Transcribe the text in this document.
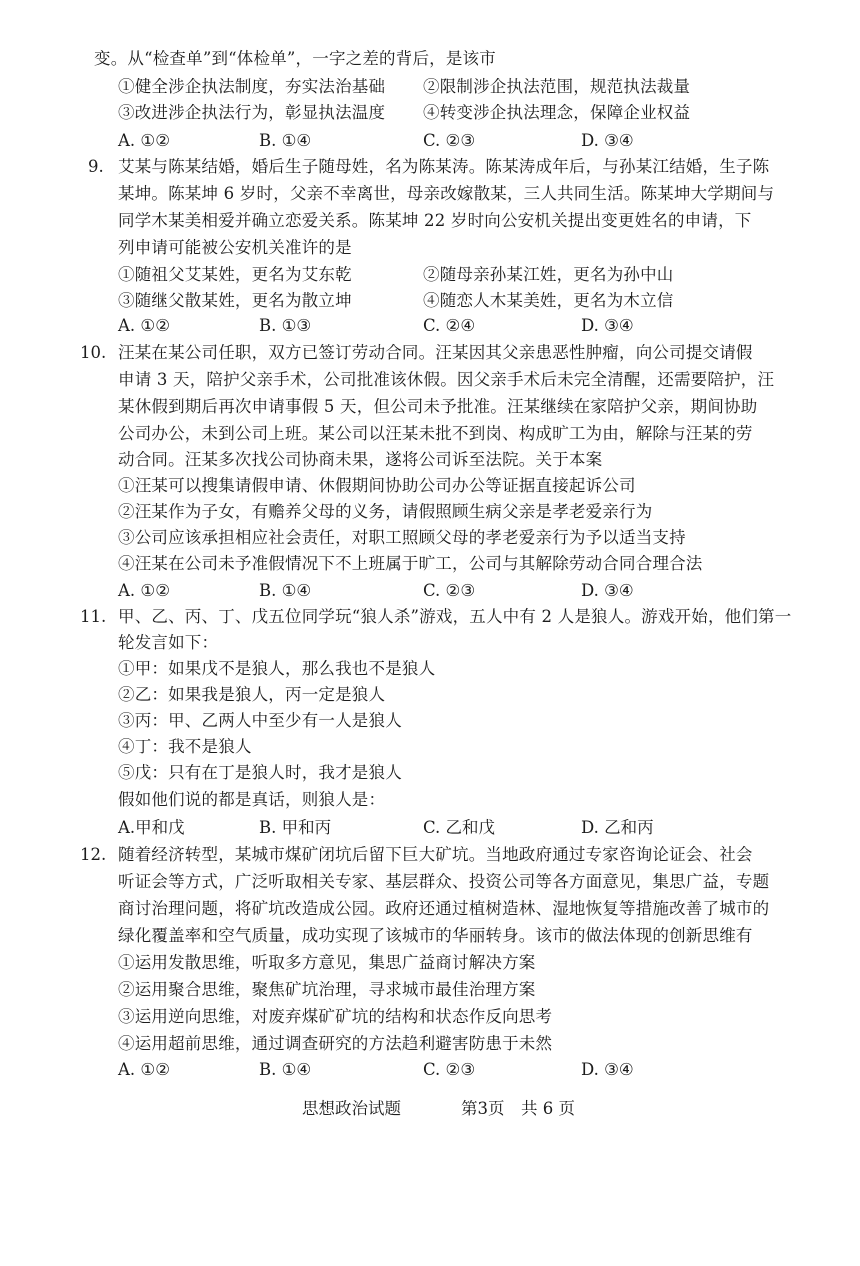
变。从“检查单”到“体检单”，一字之差的背后，是该市
①健全涉企执法制度，夯实法治基础 ②限制涉企执法范围，规范执法裁量
③改进涉企执法行为，彰显执法温度 ④转变涉企执法理念，保障企业权益
A. ①②	B. ①④	C. ②③	D. ③④
9. 艾某与陈某结婚，婚后生子随母姓，名为陈某涛。陈某涛成年后，与孙某江结婚，生子陈
某坤。陈某坤 6 岁时，父亲不幸离世，母亲改嫁散某，三人共同生活。陈某坤大学期间与
同学木某美相爱并确立恋爱关系。陈某坤 22 岁时向公安机关提出变更姓名的申请，下
列申请可能被公安机关准许的是
①随祖父艾某姓，更名为艾东乾	②随母亲孙某江姓，更名为孙中山
③随继父散某姓，更名为散立坤	④随恋人木某美姓，更名为木立信
A. ①②	B. ①③	C. ②④	D. ③④
10. 汪某在某公司任职，双方已签订劳动合同。汪某因其父亲患恶性肿瘤，向公司提交请假
申请 3 天，陪护父亲手术，公司批准该休假。因父亲手术后未完全清醒，还需要陪护，汪
某休假到期后再次申请事假 5 天，但公司未予批准。汪某继续在家陪护父亲，期间协助
公司办公，未到公司上班。某公司以汪某未批不到岗、构成旷工为由，解除与汪某的劳
动合同。汪某多次找公司协商未果，遂将公司诉至法院。关于本案
①汪某可以搜集请假申请、休假期间协助公司办公等证据直接起诉公司
②汪某作为子女，有赡养父母的义务，请假照顾生病父亲是孝老爱亲行为
③公司应该承担相应社会责任，对职工照顾父母的孝老爱亲行为予以适当支持
④汪某在公司未予准假情况下不上班属于旷工，公司与其解除劳动合同合理合法
A. ①②	B. ①④	C. ②③	D. ③④
11. 甲、乙、丙、丁、戊五位同学玩“狼人杀”游戏，五人中有 2 人是狼人。游戏开始，他们第一
轮发言如下：
①甲：如果戊不是狼人，那么我也不是狼人
②乙：如果我是狼人，丙一定是狼人
③丙：甲、乙两人中至少有一人是狼人
④丁：我不是狼人
⑤戊：只有在丁是狼人时，我才是狼人
假如他们说的都是真话，则狼人是：
A.甲和戊	B. 甲和丙	C. 乙和戊	D. 乙和丙
12. 随着经济转型，某城市煤矿闭坑后留下巨大矿坑。当地政府通过专家咨询论证会、社会
听证会等方式，广泛听取相关专家、基层群众、投资公司等各方面意见，集思广益，专题
商讨治理问题，将矿坑改造成公园。政府还通过植树造林、湿地恢复等措施改善了城市的
绿化覆盖率和空气质量，成功实现了该城市的华丽转身。该市的做法体现的创新思维有
①运用发散思维，听取多方意见，集思广益商讨解决方案
②运用聚合思维，聚焦矿坑治理，寻求城市最佳治理方案
③运用逆向思维，对废弃煤矿矿坑的结构和状态作反向思考
④运用超前思维，通过调查研究的方法趋利避害防患于未然
A. ①②	B. ①④	C. ②③	D. ③④
思想政治试题	第3页　共 6 页
